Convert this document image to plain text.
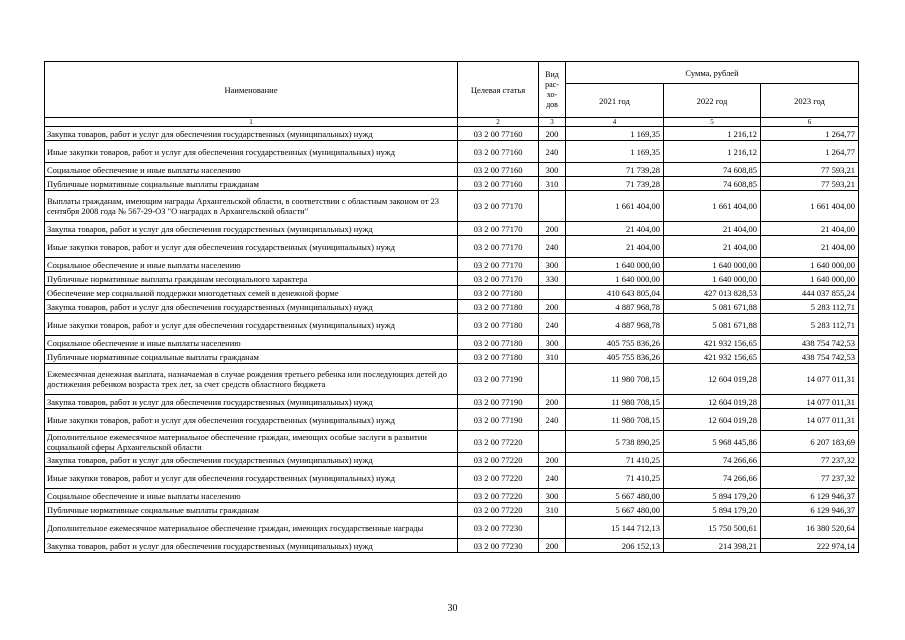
Наименование	Целевая статья	Вид рас-хо-дов	Сумма, рублей		
			2021 год	2022 год	2023 год
1	2	3	4	5	6
Закупка товаров, работ и услуг для обеспечения государственных (муниципальных) нужд	03 2 00 77160	200	1 169,35	1 216,12	1 264,77
Иные закупки товаров, работ и услуг для обеспечения государственных (муниципальных) нужд	03 2 00 77160	240	1 169,35	1 216,12	1 264,77
Социальное обеспечение и иные выплаты населению	03 2 00 77160	300	71 739,28	74 608,85	77 593,21
Публичные нормативные социальные выплаты гражданам	03 2 00 77160	310	71 739,28	74 608,85	77 593,21
Выплаты гражданам, имеющим награды Архангельской области, в соответствии с областным законом от 23 сентября 2008 года № 567-29-ОЗ "О наградах в Архангельской области"	03 2 00 77170		1 661 404,00	1 661 404,00	1 661 404,00
Закупка товаров, работ и услуг для обеспечения государственных (муниципальных) нужд	03 2 00 77170	200	21 404,00	21 404,00	21 404,00
Иные закупки товаров, работ и услуг для обеспечения государственных (муниципальных) нужд	03 2 00 77170	240	21 404,00	21 404,00	21 404,00
Социальное обеспечение и иные выплаты населению	03 2 00 77170	300	1 640 000,00	1 640 000,00	1 640 000,00
Публичные нормативные выплаты гражданам несоциального характера	03 2 00 77170	330	1 640 000,00	1 640 000,00	1 640 000,00
Обеспечение мер социальной поддержки многодетных семей в денежной форме	03 2 00 77180		410 643 805,04	427 013 828,53	444 037 855,24
Закупка товаров, работ и услуг для обеспечения государственных (муниципальных) нужд	03 2 00 77180	200	4 887 968,78	5 081 671,88	5 283 112,71
Иные закупки товаров, работ и услуг для обеспечения государственных (муниципальных) нужд	03 2 00 77180	240	4 887 968,78	5 081 671,88	5 283 112,71
Социальное обеспечение и иные выплаты населению	03 2 00 77180	300	405 755 836,26	421 932 156,65	438 754 742,53
Публичные нормативные социальные выплаты гражданам	03 2 00 77180	310	405 755 836,26	421 932 156,65	438 754 742,53
Ежемесячная денежная выплата, назначаемая в случае рождения третьего ребенка или последующих детей до достижения ребенком возраста трех лет, за счет средств областного бюджета	03 2 00 77190		11 980 708,15	12 604 019,28	14 077 011,31
Закупка товаров, работ и услуг для обеспечения государственных (муниципальных) нужд	03 2 00 77190	200	11 980 708,15	12 604 019,28	14 077 011,31
Иные закупки товаров, работ и услуг для обеспечения государственных (муниципальных) нужд	03 2 00 77190	240	11 980 708,15	12 604 019,28	14 077 011,31
Дополнительное ежемесячное материальное обеспечение граждан, имеющих особые заслуги в развитии социальной сферы Архангельской области	03 2 00 77220		5 738 890,25	5 968 445,86	6 207 183,69
Закупка товаров, работ и услуг для обеспечения государственных (муниципальных) нужд	03 2 00 77220	200	71 410,25	74 266,66	77 237,32
Иные закупки товаров, работ и услуг для обеспечения государственных (муниципальных) нужд	03 2 00 77220	240	71 410,25	74 266,66	77 237,32
Социальное обеспечение и иные выплаты населению	03 2 00 77220	300	5 667 480,00	5 894 179,20	6 129 946,37
Публичные нормативные социальные выплаты гражданам	03 2 00 77220	310	5 667 480,00	5 894 179,20	6 129 946,37
Дополнительное ежемесячное материальное обеспечение граждан, имеющих государственные награды	03 2 00 77230		15 144 712,13	15 750 500,61	16 380 520,64
Закупка товаров, работ и услуг для обеспечения государственных (муниципальных) нужд	03 2 00 77230	200	206 152,13	214 398,21	222 974,14
30
